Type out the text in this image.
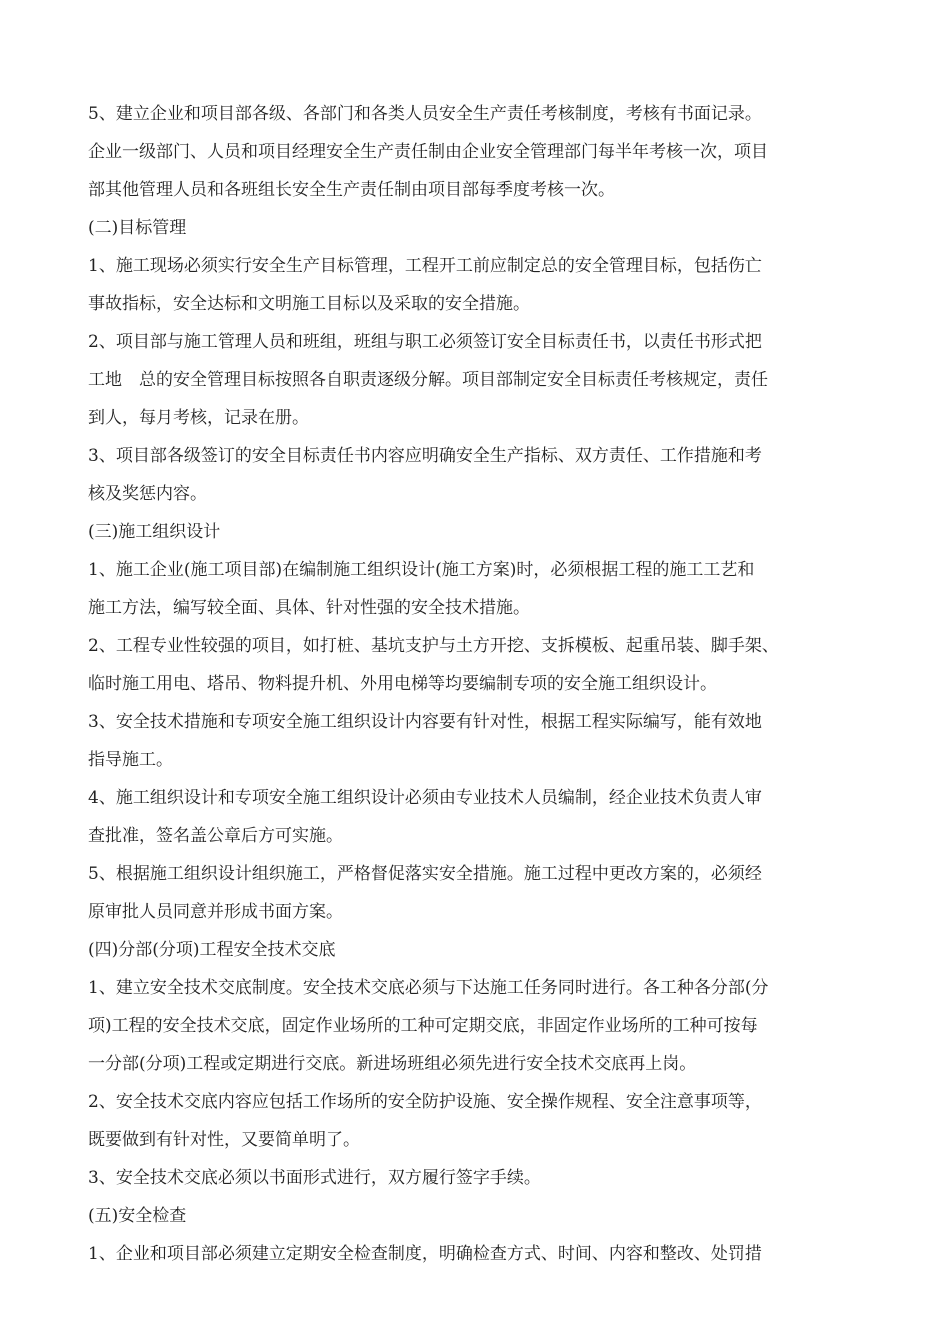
5、建立企业和项目部各级、各部门和各类人员安全生产责任考核制度，考核有书面记录。
企业一级部门、人员和项目经理安全生产责任制由企业安全管理部门每半年考核一次，项目
部其他管理人员和各班组长安全生产责任制由项目部每季度考核一次。
(二)目标管理
1、施工现场必须实行安全生产目标管理，工程开工前应制定总的安全管理目标，包括伤亡
事故指标，安全达标和文明施工目标以及采取的安全措施。
2、项目部与施工管理人员和班组，班组与职工必须签订安全目标责任书，以责任书形式把
工地　总的安全管理目标按照各自职责逐级分解。项目部制定安全目标责任考核规定，责任
到人，每月考核，记录在册。
3、项目部各级签订的安全目标责任书内容应明确安全生产指标、双方责任、工作措施和考
核及奖惩内容。
(三)施工组织设计
1、施工企业(施工项目部)在编制施工组织设计(施工方案)时，必须根据工程的施工工艺和
施工方法，编写较全面、具体、针对性强的安全技术措施。
2、工程专业性较强的项目，如打桩、基坑支护与土方开挖、支拆模板、起重吊装、脚手架、
临时施工用电、塔吊、物料提升机、外用电梯等均要编制专项的安全施工组织设计。
3、安全技术措施和专项安全施工组织设计内容要有针对性，根据工程实际编写，能有效地
指导施工。
4、施工组织设计和专项安全施工组织设计必须由专业技术人员编制，经企业技术负责人审
查批准，签名盖公章后方可实施。
5、根据施工组织设计组织施工，严格督促落实安全措施。施工过程中更改方案的，必须经
原审批人员同意并形成书面方案。
(四)分部(分项)工程安全技术交底
1、建立安全技术交底制度。安全技术交底必须与下达施工任务同时进行。各工种各分部(分
项)工程的安全技术交底，固定作业场所的工种可定期交底，非固定作业场所的工种可按每
一分部(分项)工程或定期进行交底。新进场班组必须先进行安全技术交底再上岗。
2、安全技术交底内容应包括工作场所的安全防护设施、安全操作规程、安全注意事项等，
既要做到有针对性，又要简单明了。
3、安全技术交底必须以书面形式进行，双方履行签字手续。
(五)安全检查
1、企业和项目部必须建立定期安全检查制度，明确检查方式、时间、内容和整改、处罚措
